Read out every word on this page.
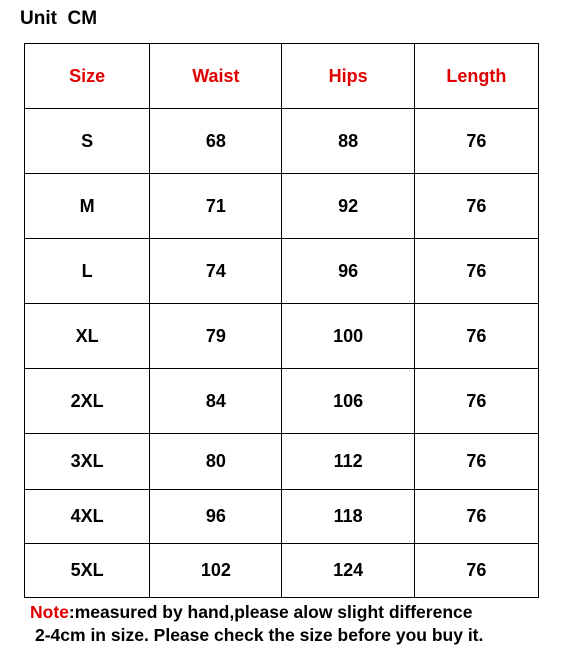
Unit  CM
Size	Waist	Hips	Length
S	68	88	76
M	71	92	76
L	74	96	76
XL	79	100	76
2XL	84	106	76
3XL	80	112	76
4XL	96	118	76
5XL	102	124	76
Note:measured by hand,please alow slight difference
2-4cm in size. Please check the size before you buy it.
